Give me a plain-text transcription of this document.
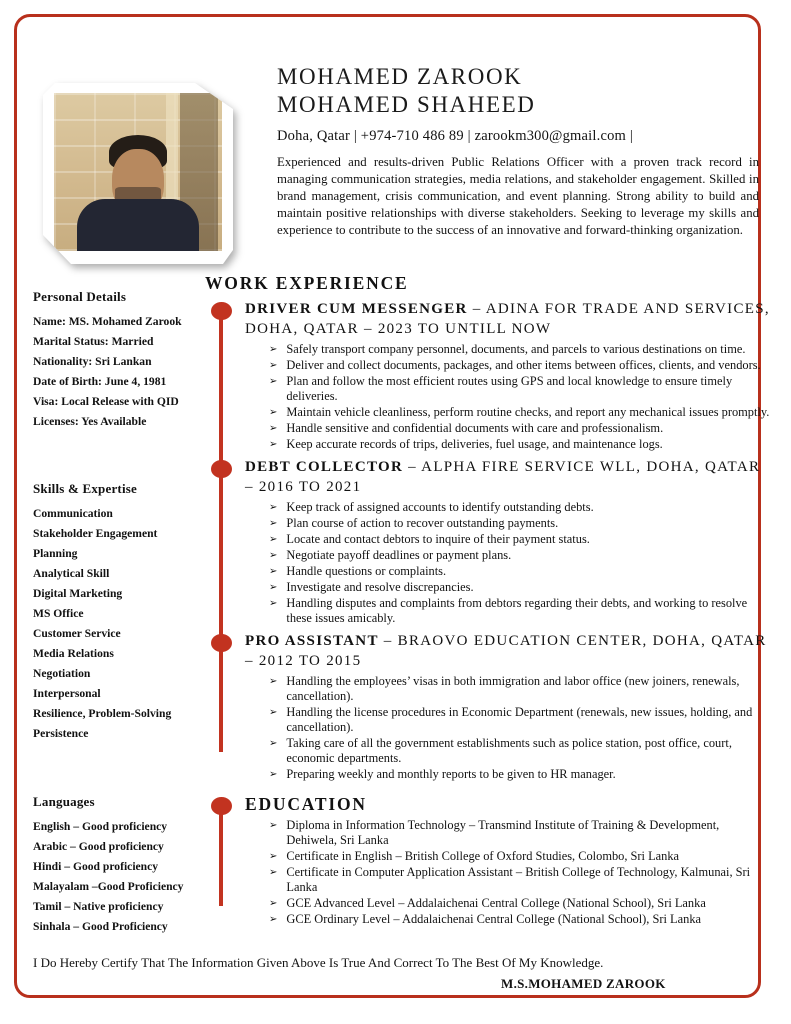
MOHAMED ZAROOK
MOHAMED SHAHEED
Doha, Qatar | +974-710 486 89 | zarookm300@gmail.com |

Experienced and results-driven Public Relations Officer with a proven track record in managing communication strategies, media relations, and stakeholder engagement. Skilled in brand management, crisis communication, and event planning. Strong ability to build and maintain positive relationships with diverse stakeholders. Seeking to leverage my skills and experience to contribute to the success of an innovative and forward-thinking organization.

Personal Details
Name: MS. Mohamed Zarook
Marital Status: Married
Nationality: Sri Lankan
Date of Birth: June 4, 1981
Visa: Local Release with QID
Licenses: Yes Available
Skills & Expertise
Communication
Stakeholder Engagement
Planning
Analytical Skill
Digital Marketing
MS Office
Customer Service
Media Relations
Negotiation
Interpersonal
Resilience, Problem-Solving
Persistence
Languages
English – Good proficiency
Arabic – Good proficiency
Hindi – Good proficiency
Malayalam –Good Proficiency
Tamil – Native proficiency
Sinhala – Good Proficiency
WORK EXPERIENCE
DRIVER CUM MESSENGER – ADINA FOR TRADE AND SERVICES, DOHA, QATAR – 2023 TO UNTILL NOW
➢ Safely transport company personnel, documents, and parcels to various destinations on time.
➢ Deliver and collect documents, packages, and other items between offices, clients, and vendors.
➢ Plan and follow the most efficient routes using GPS and local knowledge to ensure timely deliveries.
➢ Maintain vehicle cleanliness, perform routine checks, and report any mechanical issues promptly.
➢ Handle sensitive and confidential documents with care and professionalism.
➢ Keep accurate records of trips, deliveries, fuel usage, and maintenance logs.
DEBT COLLECTOR – ALPHA FIRE SERVICE WLL, DOHA, QATAR – 2016 TO 2021
➢ Keep track of assigned accounts to identify outstanding debts.
➢ Plan course of action to recover outstanding payments.
➢ Locate and contact debtors to inquire of their payment status.
➢ Negotiate payoff deadlines or payment plans.
➢ Handle questions or complaints.
➢ Investigate and resolve discrepancies.
➢ Handling disputes and complaints from debtors regarding their debts, and working to resolve these issues amicably.
PRO ASSISTANT – BRAOVO EDUCATION CENTER, DOHA, QATAR – 2012 TO 2015
➢ Handling the employees’ visas in both immigration and labor office (new joiners, renewals, cancellation).
➢ Handling the license procedures in Economic Department (renewals, new issues, holding, and cancellation).
➢ Taking care of all the government establishments such as police station, post office, court, economic departments.
➢ Preparing weekly and monthly reports to be given to HR manager.
EDUCATION
➢ Diploma in Information Technology – Transmind Institute of Training & Development, Dehiwela, Sri Lanka
➢ Certificate in English – British College of Oxford Studies, Colombo, Sri Lanka
➢ Certificate in Computer Application Assistant – British College of Technology, Kalmunai, Sri Lanka
➢ GCE Advanced Level – Addalaichenai Central College (National School), Sri Lanka
➢ GCE Ordinary Level – Addalaichenai Central College (National School), Sri Lanka
I Do Hereby Certify That The Information Given Above Is True And Correct To The Best Of My Knowledge.
M.S.MOHAMED ZAROOK
